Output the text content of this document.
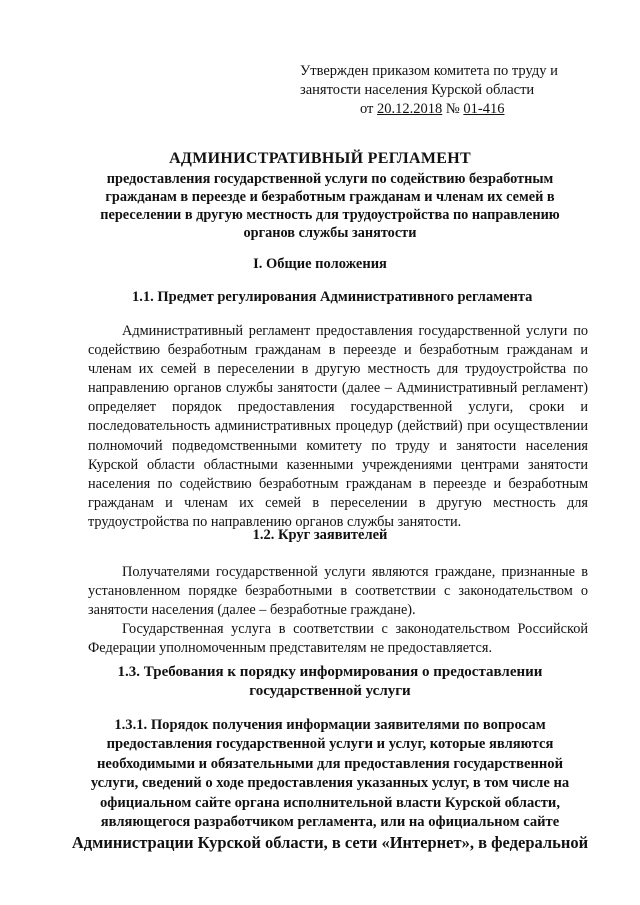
Утвержден приказом комитета по труду и
занятости населения Курской области
от 20.12.2018 № 01-416
АДМИНИСТРАТИВНЫЙ РЕГЛАМЕНТ
предоставления государственной услуги по содействию безработным
гражданам в переезде и безработным гражданам и членам их семей в
переселении в другую местность для трудоустройства по направлению
органов службы занятости
I. Общие положения
1.1. Предмет регулирования Административного регламента
Административный регламент предоставления государственной услуги по
содействию безработным гражданам в переезде и безработным гражданам и
членам их семей в переселении в другую местность для трудоустройства по
направлению органов службы занятости (далее – Административный регламент)
определяет порядок предоставления государственной услуги, сроки и
последовательность административных процедур (действий) при осуществлении
полномочий подведомственными комитету по труду и занятости населения
Курской области областными казенными учреждениями центрами занятости
населения по содействию безработным гражданам в переезде и безработным
гражданам и членам их семей в переселении в другую местность для
трудоустройства по направлению органов службы занятости.
1.2. Круг заявителей
Получателями государственной услуги являются граждане, признанные в
установленном порядке безработными в соответствии с законодательством о
занятости населения (далее – безработные граждане).
Государственная услуга в соответствии с законодательством Российской
Федерации уполномоченным представителям не предоставляется.
1.3. Требования к порядку информирования о предоставлении
государственной услуги
1.3.1. Порядок получения информации заявителями по вопросам
предоставления государственной услуги и услуг, которые являются
необходимыми и обязательными для предоставления государственной
услуги, сведений о ходе предоставления указанных услуг, в том числе на
официальном сайте органа исполнительной власти Курской области,
являющегося разработчиком регламента, или на официальном сайте
Администрации Курской области, в сети «Интернет», в федеральной
